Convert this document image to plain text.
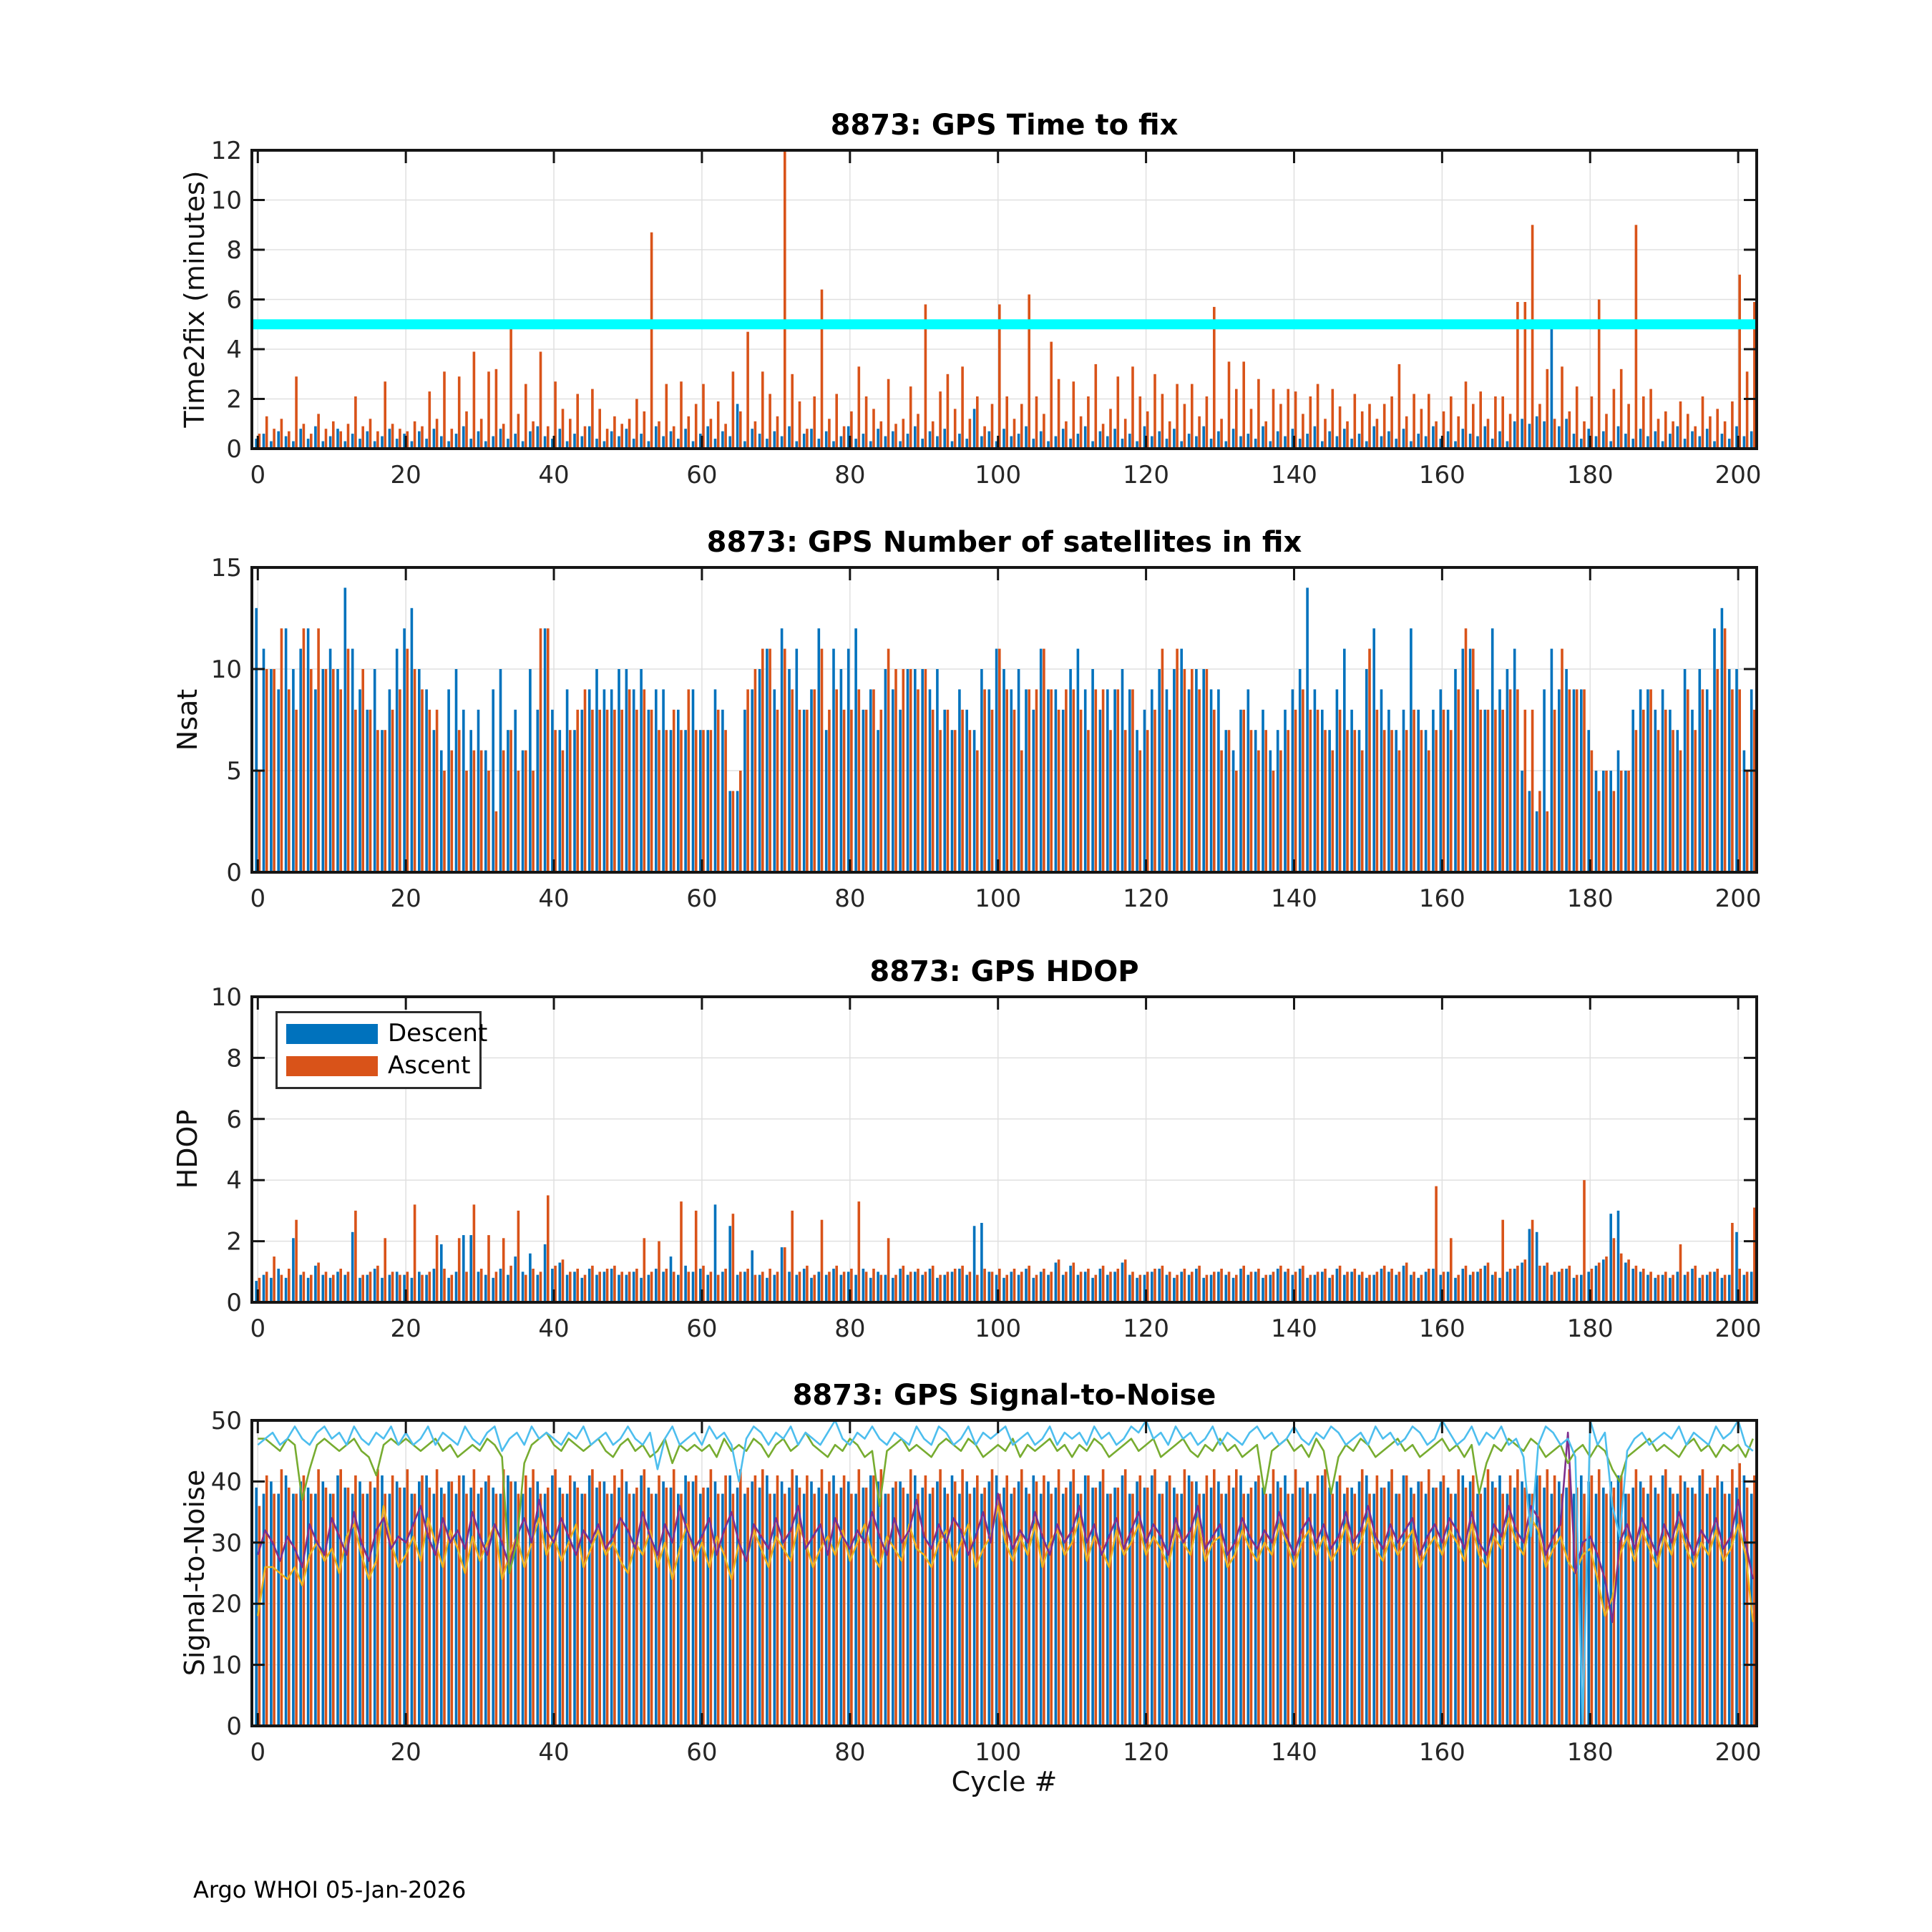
0	20	40	60	80	100	120	140	160	180	200
0
2
4
6
8
10
12
0	20	40	60	80	100	120	140	160	180	200
0
5
10
15
0	20	40	60	80	100	120	140	160	180	200
0
2
4
6
8
10
0	20	40	60	80	100	120	140	160	180	200
0
10
20
30
40
50
8873: GPS Time to fix
8873: GPS Number of satellites in fix
8873: GPS HDOP
8873: GPS Signal-to-Noise
Time2fix (minutes)
Nsat
HDOP
Signal-to-Noise
Cycle #
Descent
Ascent
Argo WHOI 05-Jan-2026
